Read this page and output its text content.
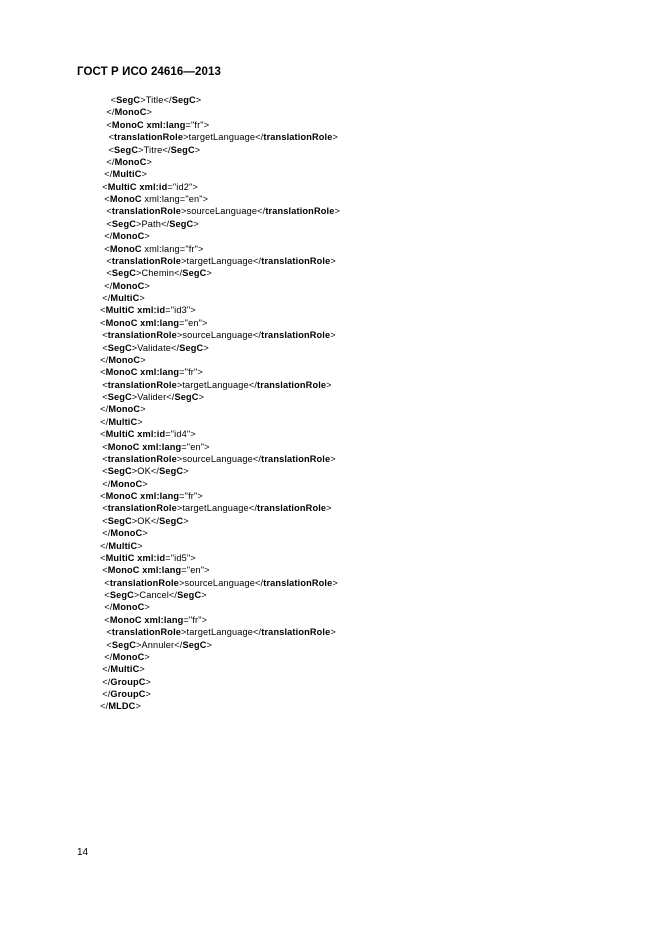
ГОСТ Р ИСО 24616—2013
<SegC>Title</SegC>
</MonoC>
<MonoC xml:lang="fr">
<translationRole>targetLanguage</translationRole>
<SegC>Titre</SegC>
</MonoC>
</MultiC>
<MultiC xml:id="id2">
<MonoC xml:lang="en">
<translationRole>sourceLanguage</translationRole>
<SegC>Path</SegC>
</MonoC>
<MonoC xml:lang="fr">
<translationRole>targetLanguage</translationRole>
<SegC>Chemin</SegC>
</MonoC>
</MultiC>
<MultiC xml:id="id3">
<MonoC xml:lang="en">
<translationRole>sourceLanguage</translationRole>
<SegC>Validate</SegC>
</MonoC>
<MonoC xml:lang="fr">
<translationRole>targetLanguage</translationRole>
<SegC>Valider</SegC>
</MonoC>
</MultiC>
<MultiC xml:id="id4">
<MonoC xml:lang="en">
<translationRole>sourceLanguage</translationRole>
<SegC>OK</SegC>
</MonoC>
<MonoC xml:lang="fr">
<translationRole>targetLanguage</translationRole>
<SegC>OK</SegC>
</MonoC>
</MultiC>
<MultiC xml:id="id5">
<MonoC xml:lang="en">
<translationRole>sourceLanguage</translationRole>
<SegC>Cancel</SegC>
</MonoC>
<MonoC xml:lang="fr">
<translationRole>targetLanguage</translationRole>
<SegC>Annuler</SegC>
</MonoC>
</MultiC>
</GroupC>
</GroupC>
</MLDC>
14
